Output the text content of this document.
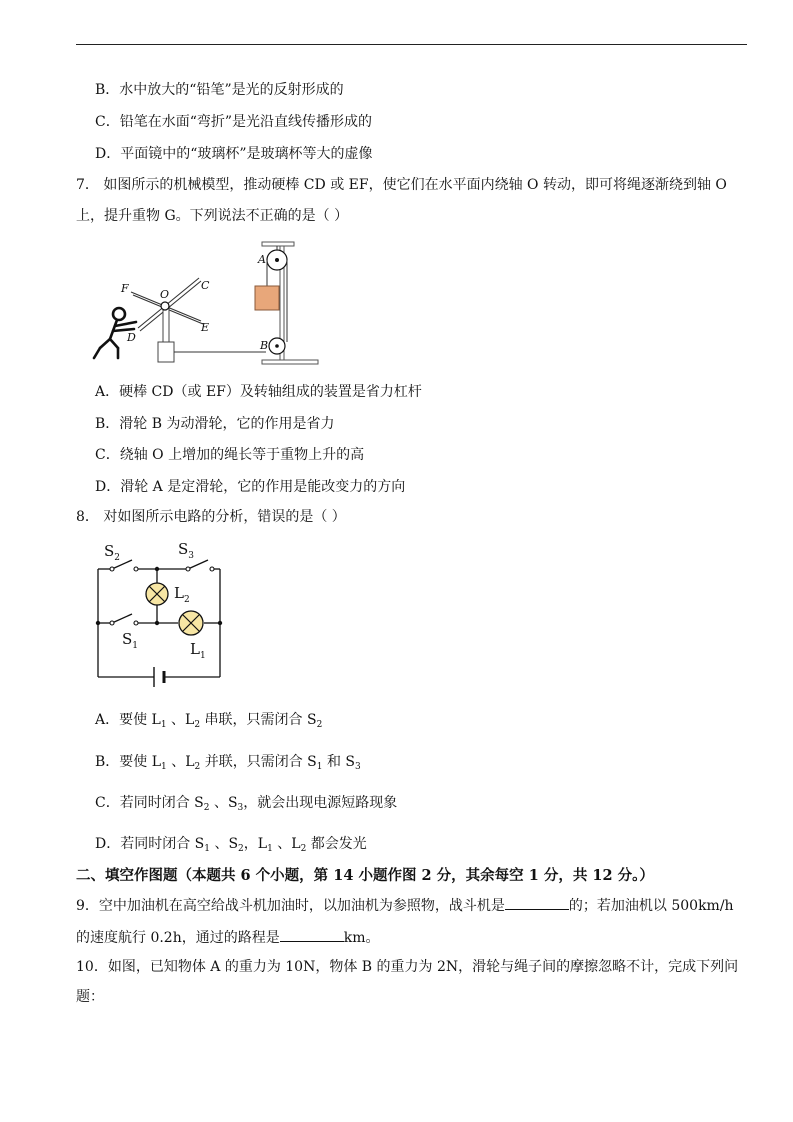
B．水中放大的“铅笔”是光的反射形成的
C．铅笔在水面“弯折”是光沿直线传播形成的
D．平面镜中的“玻璃杯”是玻璃杯等大的虚像
7． 如图所示的机械模型，推动硬棒 CD 或 EF，使它们在水平面内绕轴 O 转动，即可将绳逐渐绕到轴 O
上，提升重物 G。下列说法不正确的是（ ）
F	O
C
D
E
A
B
A．硬棒 CD（或 EF）及转轴组成的装置是省力杠杆
B．滑轮 B 为动滑轮，它的作用是省力
C．绕轴 O 上增加的绳长等于重物上升的高
D．滑轮 A 是定滑轮，它的作用是能改变力的方向
8． 对如图所示电路的分析，错误的是（ ）
$S_2$	$S_3$
$L_2$
$S_1$	$L_1$
A．要使 $L_1$ 、$L_2$ 串联，只需闭合 $S_2$
B．要使 $L_1$ 、$L_2$ 并联，只需闭合 $S_1$ 和 $S_3$
C．若同时闭合 $S_2$ 、$S_3$，就会出现电源短路现象
D．若同时闭合 $S_1$ 、$S_2$，$L_1$ 、$L_2$ 都会发光
二、填空作图题（本题共 6 个小题，第 14 小题作图 2 分，其余每空 1 分，共 12 分。）
9．空中加油机在高空给战斗机加油时，以加油机为参照物，战斗机是	的；若加油机以 500km/h
的速度航行 0.2h，通过的路程是	km。
10．如图，已知物体 A 的重力为 10N，物体 B 的重力为 2N，滑轮与绳子间的摩擦忽略不计，完成下列问
题：
